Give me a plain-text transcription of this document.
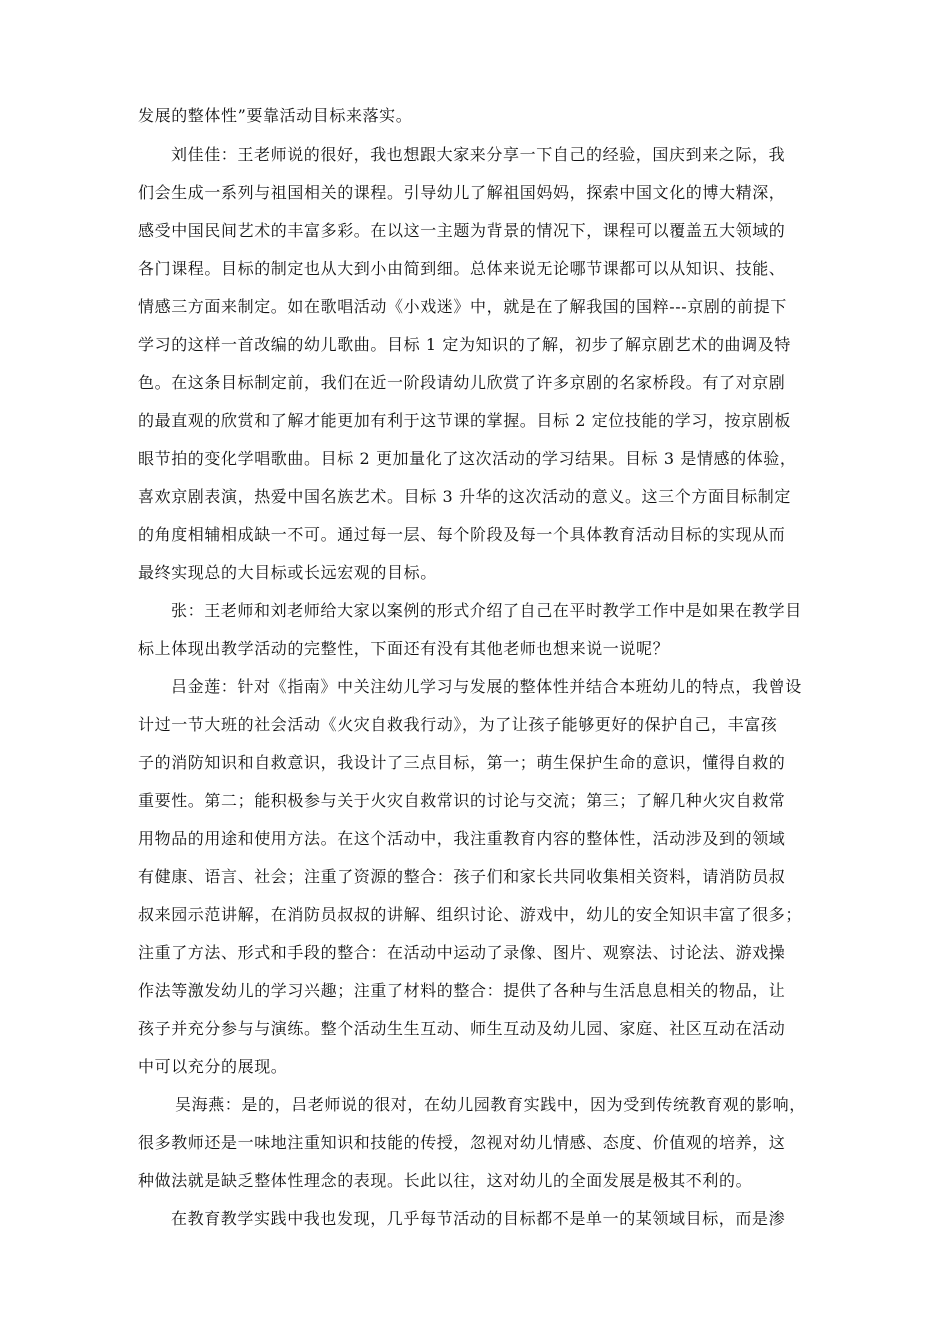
发展的整体性”要靠活动目标来落实。
刘佳佳：王老师说的很好，我也想跟大家来分享一下自己的经验，国庆到来之际，我
们会生成一系列与祖国相关的课程。引导幼儿了解祖国妈妈，探索中国文化的博大精深，
感受中国民间艺术的丰富多彩。在以这一主题为背景的情况下，课程可以覆盖五大领域的
各门课程。目标的制定也从大到小由简到细。总体来说无论哪节课都可以从知识、技能、
情感三方面来制定。如在歌唱活动《小戏迷》中，就是在了解我国的国粹---京剧的前提下
学习的这样一首改编的幼儿歌曲。目标 1 定为知识的了解，初步了解京剧艺术的曲调及特
色。在这条目标制定前，我们在近一阶段请幼儿欣赏了许多京剧的名家桥段。有了对京剧
的最直观的欣赏和了解才能更加有利于这节课的掌握。目标 2 定位技能的学习，按京剧板
眼节拍的变化学唱歌曲。目标 2 更加量化了这次活动的学习结果。目标 3 是情感的体验，
喜欢京剧表演，热爱中国名族艺术。目标 3 升华的这次活动的意义。这三个方面目标制定
的角度相辅相成缺一不可。通过每一层、每个阶段及每一个具体教育活动目标的实现从而
最终实现总的大目标或长远宏观的目标。
张：王老师和刘老师给大家以案例的形式介绍了自己在平时教学工作中是如果在教学目
标上体现出教学活动的完整性，下面还有没有其他老师也想来说一说呢？
吕金莲：针对《指南》中关注幼儿学习与发展的整体性并结合本班幼儿的特点，我曾设
计过一节大班的社会活动《火灾自救我行动》，为了让孩子能够更好的保护自己，丰富孩
子的消防知识和自救意识，我设计了三点目标，第一；萌生保护生命的意识，懂得自救的
重要性。第二；能积极参与关于火灾自救常识的讨论与交流；第三；了解几种火灾自救常
用物品的用途和使用方法。在这个活动中，我注重教育内容的整体性，活动涉及到的领域
有健康、语言、社会；注重了资源的整合：孩子们和家长共同收集相关资料，请消防员叔
叔来园示范讲解，在消防员叔叔的讲解、组织讨论、游戏中，幼儿的安全知识丰富了很多；
注重了方法、形式和手段的整合：在活动中运动了录像、图片、观察法、讨论法、游戏操
作法等激发幼儿的学习兴趣；注重了材料的整合：提供了各种与生活息息相关的物品，让
孩子并充分参与与演练。整个活动生生互动、师生互动及幼儿园、家庭、社区互动在活动
中可以充分的展现。
吴海燕：是的，吕老师说的很对，在幼儿园教育实践中，因为受到传统教育观的影响，
很多教师还是一味地注重知识和技能的传授，忽视对幼儿情感、态度、价值观的培养，这
种做法就是缺乏整体性理念的表现。长此以往，这对幼儿的全面发展是极其不利的。
在教育教学实践中我也发现，几乎每节活动的目标都不是单一的某领域目标，而是渗
